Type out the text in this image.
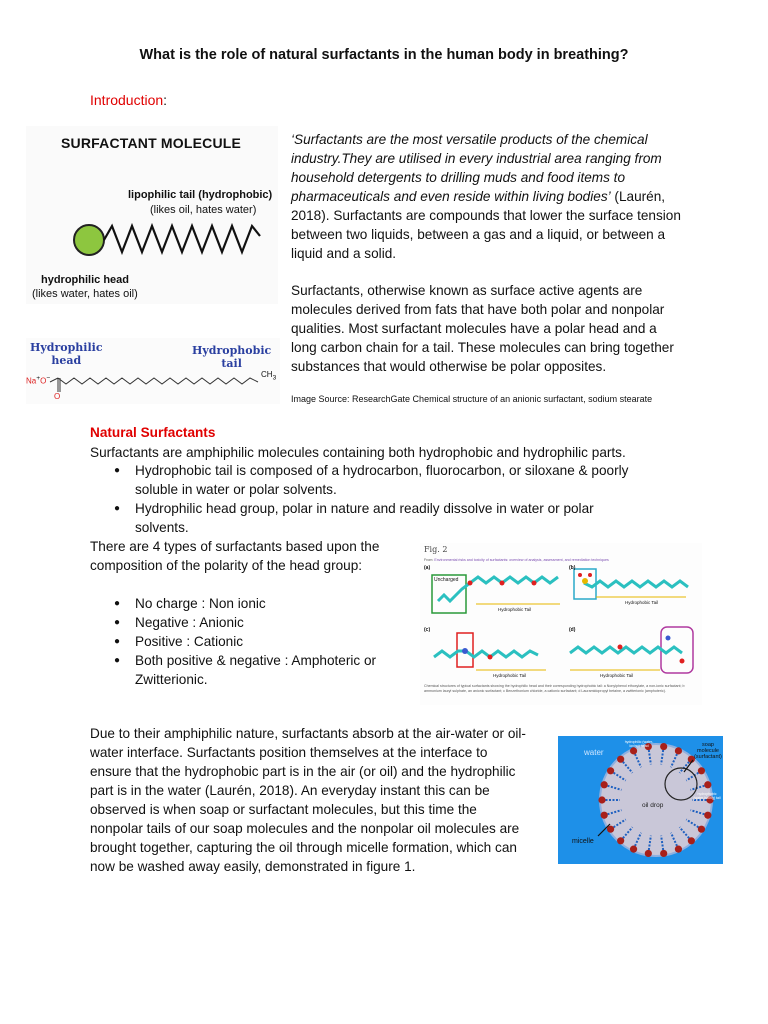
What is the role of natural surfactants in the human body in breathing?
Introduction:
SURFACTANT MOLECULE
lipophilic tail (hydrophobic)
(likes oil, hates water)
hydrophilic head
(likes water, hates oil)
Hydrophilic
head
Hydrophobic
tail
Na+O−
O
$CH_3$
‘Surfactants are the most versatile products of the chemical industry.They are utilised in every industrial area ranging from household detergents to drilling muds and food items to pharmaceuticals and even reside within living bodies’ (Laurén, 2018). Surfactants are compounds that lower the surface tension between two liquids, between a gas and a liquid, or between a liquid and a solid.
Surfactants, otherwise known as surface active agents are molecules derived from fats that have both polar and nonpolar qualities. Most surfactant molecules have a polar head and a long carbon chain for a tail. These molecules can bring together substances that would otherwise be polar opposites.
Image Source: ResearchGate Chemical structure of an anionic surfactant, sodium stearate
Natural Surfactants
Surfactants are amphiphilic molecules containing both hydrophobic and hydrophilic parts.
● Hydrophobic tail is composed of a hydrocarbon, fluorocarbon, or siloxane & poorly soluble in water or polar solvents.
● Hydrophilic head group, polar in nature and readily dissolve in water or polar solvents.
There are 4 types of surfactants based upon the composition of the polarity of the head group:
● No charge : Non ionic
● Negative : Anionic
● Positive : Cationic
● Both positive & negative : Amphoteric or Zwitterionic.
Fig. 2
From: Environmental risks and toxicity of surfactants: overview of analysis, assessment, and remediation techniques
(a)	(b)
(c)	(d)
Uncharged
Hydrophobic Tail
Hydrophobic Tail
Hydrophobic Tail	Hydrophobic Tail
Chemical structures of typical surfactants showing the hydrophilic head and their corresponding hydrophobic tail: a Nonylphenol ethoxylate, a non-ionic surfactant; b ammonium lauryl sulphate, an anionic surfactant; c Benzethonium chloride, a cationic surfactant; d Lauramidopropyl betaine, a zwitterionic (amphoteric).
Due to their amphiphilic nature, surfactants absorb at the air-water or oil-water interface. Surfactants position themselves at the interface to ensure that the hydrophobic part is in the air (or oil) and the hydrophilic part is in the water (Laurén, 2018). An everyday instant this can be observed is when soap or surfactant molecules, but this time the nonpolar tails of our soap molecules and the nonpolar oil molecules are brought together, capturing the oil through micelle formation, which can now be washed away easily, demonstrated in figure 1.
water
hydrophilic (water-loving) head	soap molecule (surfactant)
hydrophobic (water-hating) tail
oil drop
micelle
